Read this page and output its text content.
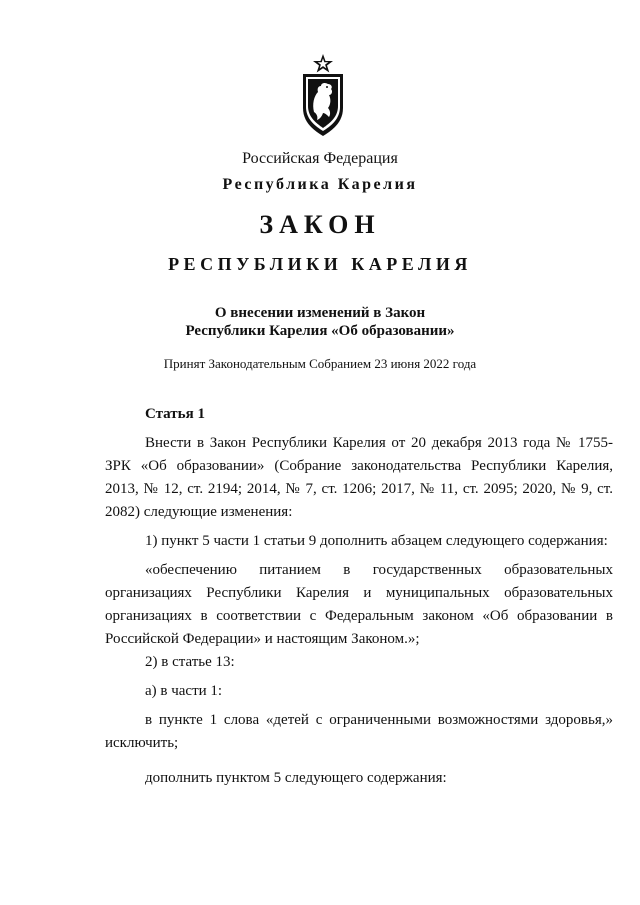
Российская Федерация
Республика Карелия
ЗАКОН
РЕСПУБЛИКИ КАРЕЛИЯ
О внесении изменений в Закон
Республики Карелия «Об образовании»
Принят Законодательным Собранием 23 июня 2022 года

Статья 1

Внести в Закон Республики Карелия от 20 декабря 2013 года № 1755-ЗРК «Об образовании» (Собрание законодательства Республики Карелия, 2013, № 12, ст. 2194; 2014, № 7, ст. 1206; 2017, № 11, ст. 2095; 2020, № 9, ст. 2082) следующие изменения:

1) пункт 5 части 1 статьи 9 дополнить абзацем следующего содержания:

«обеспечению питанием в государственных образовательных организациях Республики Карелия и муниципальных образовательных организациях в соответствии с Федеральным законом «Об образовании в Российской Федерации» и настоящим Законом.»;

2) в статье 13:

а) в части 1:

в пункте 1 слова «детей с ограниченными возможностями здоровья,» исключить;

дополнить пунктом 5 следующего содержания:
